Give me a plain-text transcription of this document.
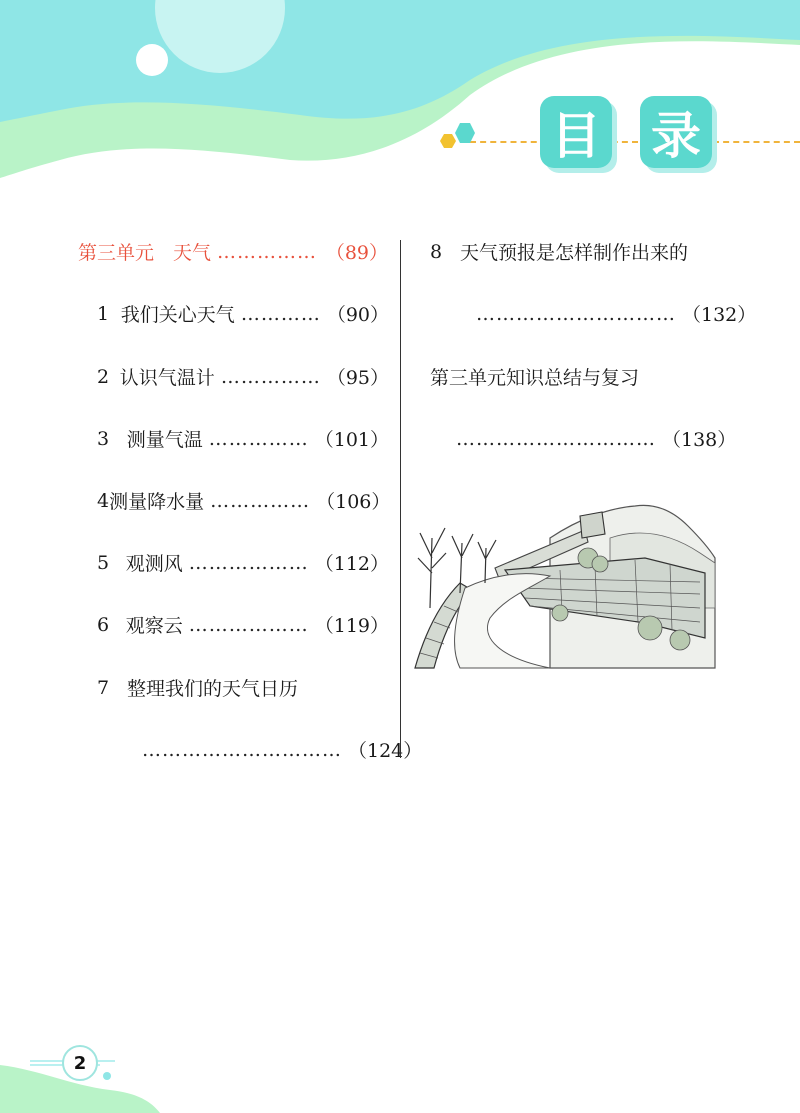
目 录
第三单元　天气 …………… （89）
1 我们关心天气 ………… （90）
2 认识气温计 …………… （95）
3 测量气温 …………… （101）
4 测量降水量 …………… （106）
5 观测风 ……………… （112）
6 观察云 ……………… （119）
7 整理我们的天气日历
………………………… （124）
8 天气预报是怎样制作出来的
………………………… （132）
第三单元知识总结与复习
………………………… （138）
2
